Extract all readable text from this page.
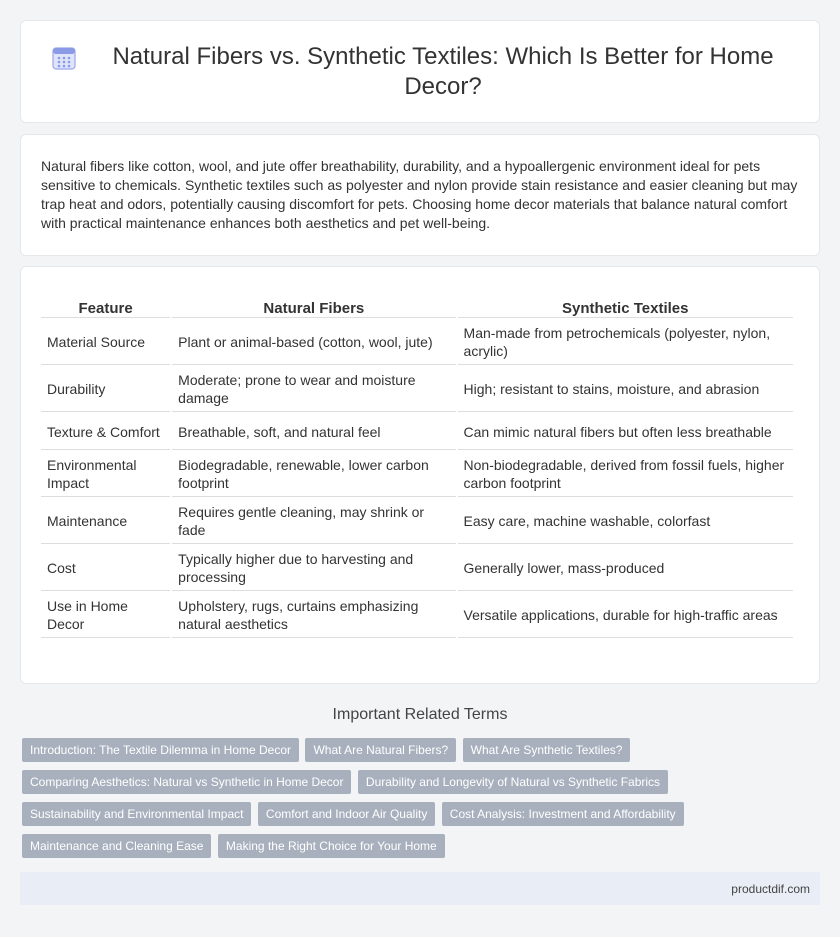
Natural Fibers vs. Synthetic Textiles: Which Is Better for Home Decor?
Natural fibers like cotton, wool, and jute offer breathability, durability, and a hypoallergenic environment ideal for pets sensitive to chemicals. Synthetic textiles such as polyester and nylon provide stain resistance and easier cleaning but may trap heat and odors, potentially causing discomfort for pets. Choosing home decor materials that balance natural comfort with practical maintenance enhances both aesthetics and pet well-being.
Feature	Natural Fibers	Synthetic Textiles
Material Source	Plant or animal-based (cotton, wool, jute)	Man-made from petrochemicals (polyester, nylon, acrylic)
Durability	Moderate; prone to wear and moisture damage	High; resistant to stains, moisture, and abrasion
Texture & Comfort	Breathable, soft, and natural feel	Can mimic natural fibers but often less breathable
Environmental Impact	Biodegradable, renewable, lower carbon footprint	Non-biodegradable, derived from fossil fuels, higher carbon footprint
Maintenance	Requires gentle cleaning, may shrink or fade	Easy care, machine washable, colorfast
Cost	Typically higher due to harvesting and processing	Generally lower, mass-produced
Use in Home Decor	Upholstery, rugs, curtains emphasizing natural aesthetics	Versatile applications, durable for high-traffic areas
Important Related Terms
Introduction: The Textile Dilemma in Home Decor What Are Natural Fibers? What Are Synthetic Textiles?
Comparing Aesthetics: Natural vs Synthetic in Home Decor Durability and Longevity of Natural vs Synthetic Fabrics
Sustainability and Environmental Impact Comfort and Indoor Air Quality Cost Analysis: Investment and Affordability
Maintenance and Cleaning Ease Making the Right Choice for Your Home
productdif.com
